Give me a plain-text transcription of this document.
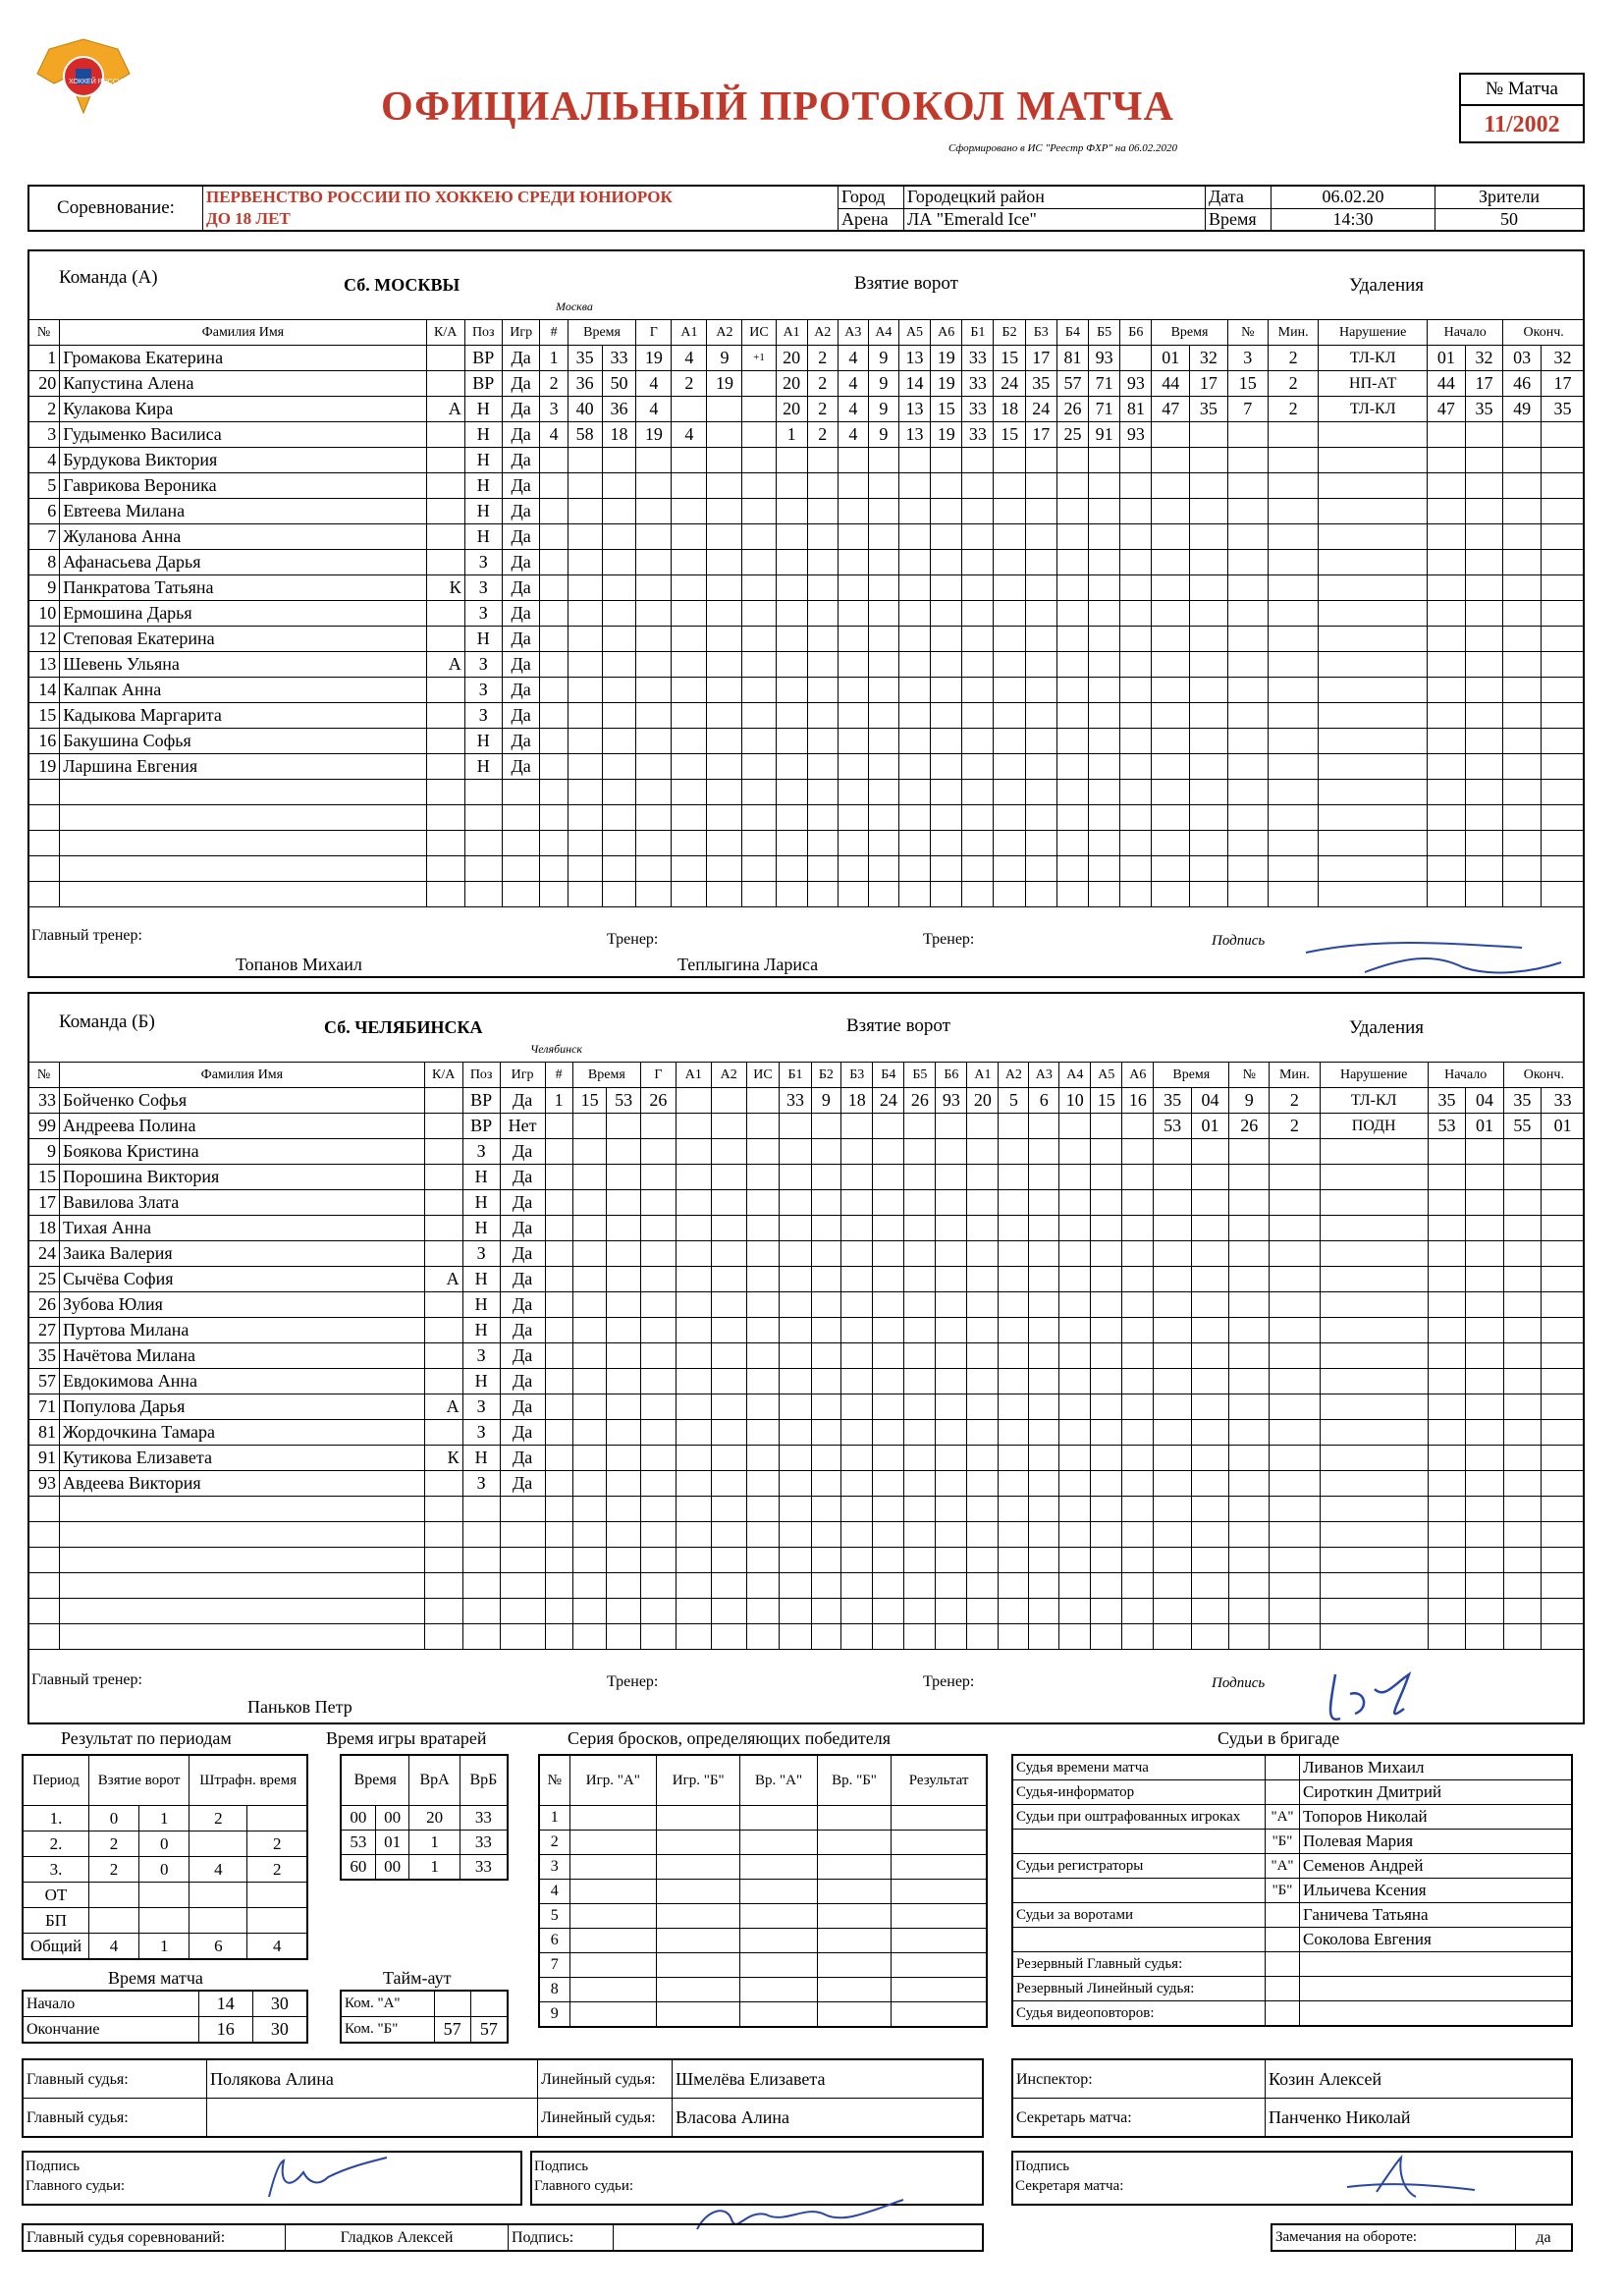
ХОККЕЙ РОССИИ
ОФИЦИАЛЬНЫЙ ПРОТОКОЛ МАТЧА
Сформировано в ИС "Реестр ФХР" на 06.02.2020
№ Матча
11/2002
Соревнование:	ПЕРВЕНСТВО РОССИИ ПО ХОККЕЮ СРЕДИ ЮНИОРОК
ДО 18 ЛЕТ	Город	Городецкий район	Дата	06.02.20	Зрители
		Арена	ЛА "Emerald Ice"	Время	14:30	50
Команда (А)	Сб. МОСКВЫ
Москва
Взятие ворот	Удаления
№	Фамилия Имя	К/А	Поз	Игр	#	Время		Г	А1	А2	ИС	А1	А2	А3	А4	А5	А6	Б1	Б2	Б3	Б4	Б5	Б6	Время		№	Мин.	Нарушение	Начало		Оконч.	
1	Громакова Екатерина		ВР	Да	1	35	33	19	4	9	+1	20	2	4	9	13	19	33	15	17	81	93		01	32	3	2	ТЛ-КЛ	01	32	03	32
20	Капустина Алена		ВР	Да	2	36	50	4	2	19		20	2	4	9	14	19	33	24	35	57	71	93	44	17	15	2	НП-АТ	44	17	46	17
2	Кулакова Кира	А	Н	Да	3	40	36	4				20	2	4	9	13	15	33	18	24	26	71	81	47	35	7	2	ТЛ-КЛ	47	35	49	35
3	Гудыменко Василиса		Н	Да	4	58	18	19	4			1	2	4	9	13	19	33	15	17	25	91	93									
4	Бурдукова Виктория		Н	Да																												
5	Гаврикова Вероника		Н	Да																												
6	Евтеева Милана		Н	Да																												
7	Жуланова Анна		Н	Да																												
8	Афанасьева Дарья		З	Да																												
9	Панкратова Татьяна	К	З	Да																												
10	Ермошина Дарья		З	Да																												
12	Степовая Екатерина		Н	Да																												
13	Шевень Ульяна	А	З	Да																												
14	Калпак Анна		З	Да																												
15	Кадыкова Маргарита		З	Да																												
16	Бакушина Софья		Н	Да																												
19	Ларшина Евгения		Н	Да																												

Главный тренер:
Топанов Михаил
Тренер:
Теплыгина Лариса
Тренер:	Подпись
Команда (Б)	Сб. ЧЕЛЯБИНСКА
Челябинск
Взятие ворот	Удаления
№	Фамилия Имя	К/А	Поз	Игр	#	Время		Г	А1	А2	ИС	Б1	Б2	Б3	Б4	Б5	Б6	А1	А2	А3	А4	А5	А6	Время		№	Мин.	Нарушение	Начало		Оконч.	
33	Бойченко Софья		ВР	Да	1	15	53	26				33	9	18	24	26	93	20	5	6	10	15	16	35	04	9	2	ТЛ-КЛ	35	04	35	33
99	Андреева Полина		ВР	Нет																				53	01	26	2	ПОДН	53	01	55	01
9	Боякова Кристина		З	Да																												
15	Порошина Виктория		Н	Да																												
17	Вавилова Злата		Н	Да																												
18	Тихая Анна		Н	Да																												
24	Заика Валерия		З	Да																												
25	Сычёва София	А	Н	Да																												
26	Зубова Юлия		Н	Да																												
27	Пуртова Милана		Н	Да																												
35	Начётова Милана		З	Да																												
57	Евдокимова Анна		Н	Да																												
71	Популова Дарья	А	З	Да																												
81	Жордочкина Тамара		З	Да																												
91	Кутикова Елизавета	К	Н	Да																												
93	Авдеева Виктория		З	Да																												

Главный тренер:
Паньков Петр
Тренер:	Тренер:	Подпись
Результат по периодам
Период	Взятие ворот		Штрафн. время	
1.	0	1	2	
2.	2	0		2
3.	2	0	4	2
ОТ				
БП				
Общий	4	1	6	4
Время игры вратарей
Время		ВрА	ВрБ
00	00	20	33
53	01	1	33
60	00	1	33
Время матча
Начало	14	30
Окончание	16	30
Тайм-аут
Ком. "А"		
Ком. "Б"	57	57
Серия бросков, определяющих победителя
№	Игр. "А"	Игр. "Б"	Вр. "А"	Вр. "Б"	Результат
1					
2					
3					
4					
5					
6					
7					
8					
9					
Судьи в бригаде
Судья времени матча		Ливанов Михаил
Судья-информатор		Сироткин Дмитрий
Судьи при оштрафованных игроках	"А"	Топоров Николай
	"Б"	Полевая Мария
Судьи регистраторы	"А"	Семенов Андрей
	"Б"	Ильичева Ксения
Судьи за воротами		Ганичева Татьяна
		Соколова Евгения
Резервный Главный судья:		
Резервный Линейный судья:		
Судья видеоповторов:		
Главный судья:	Полякова Алина	Линейный судья:	Шмелёва Елизавета
Главный судья:		Линейный судья:	Власова Алина
Инспектор:	Козин Алексей
Секретарь матча:	Панченко Николай
Подпись
Главного судьи:
Подпись
Главного судьи:
Подпись
Секретаря матча:
Главный судья соревнований:	Гладков Алексей	Подпись:		Замечания на обороте:	да
